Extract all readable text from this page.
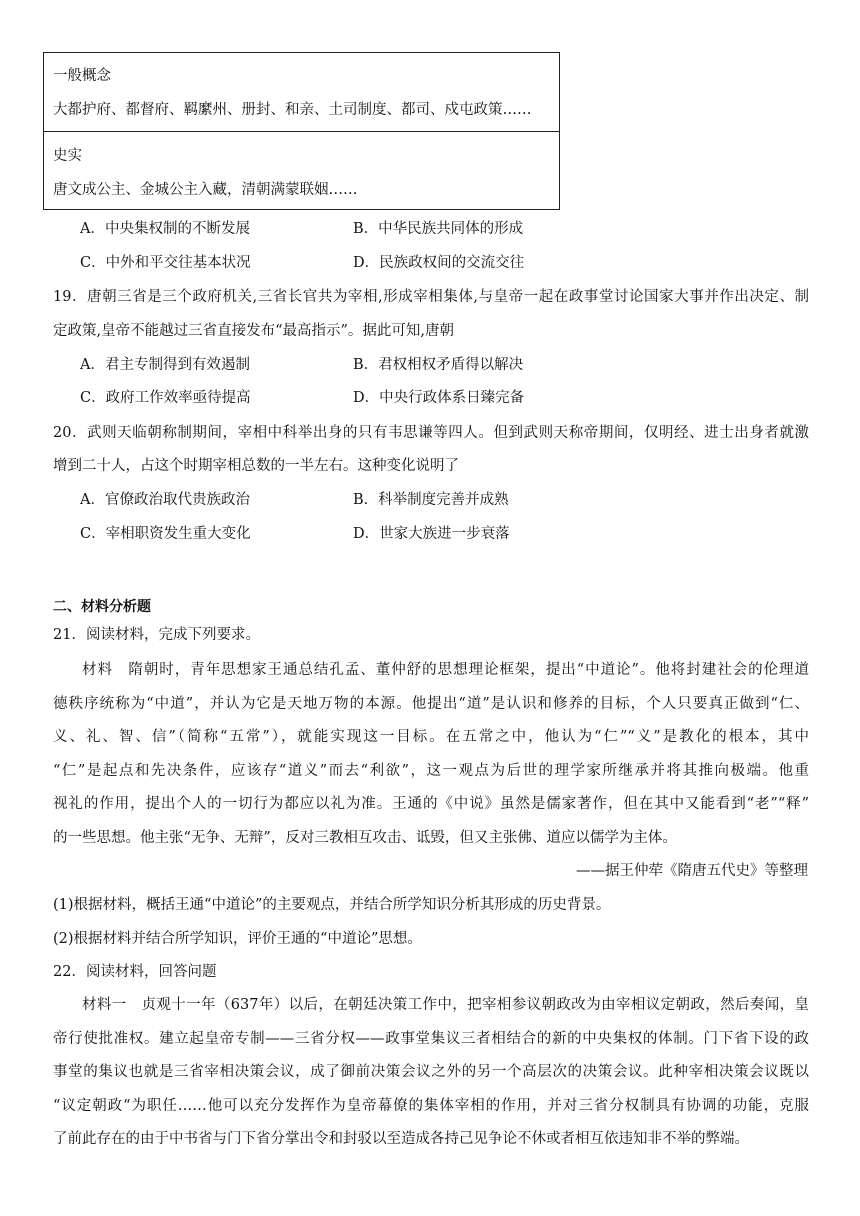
一般概念
大都护府、都督府、羁縻州、册封、和亲、土司制度、都司、戍屯政策……
史实
唐文成公主、金城公主入藏，清朝满蒙联姻……
A．中央集权制的不断发展	B．中华民族共同体的形成
C．中外和平交往基本状况	D．民族政权间的交流交往
19．唐朝三省是三个政府机关,三省长官共为宰相,形成宰相集体,与皇帝一起在政事堂讨论国家大事并作出决定、制
定政策,皇帝不能越过三省直接发布“最高指示”。据此可知,唐朝
A．君主专制得到有效遏制	B．君权相权矛盾得以解决
C．政府工作效率亟待提高	D．中央行政体系日臻完备
20．武则天临朝称制期间，宰相中科举出身的只有韦思谦等四人。但到武则天称帝期间，仅明经、进士出身者就激
增到二十人，占这个时期宰相总数的一半左右。这种变化说明了
A．官僚政治取代贵族政治	B．科举制度完善并成熟
C．宰相职资发生重大变化	D．世家大族进一步衰落
二、材料分析题
21．阅读材料，完成下列要求。
材料　隋朝时，青年思想家王通总结孔孟、董仲舒的思想理论框架，提出“中道论”。他将封建社会的伦理道
德秩序统称为“中道”，并认为它是天地万物的本源。他提出“道”是认识和修养的目标，个人只要真正做到“仁、
义、礼、智、信”（简称“五常”），就能实现这一目标。在五常之中，他认为“仁”“义”是教化的根本，其中
“仁”是起点和先决条件，应该存“道义”而去“利欲”，这一观点为后世的理学家所继承并将其推向极端。他重
视礼的作用，提出个人的一切行为都应以礼为准。王通的《中说》虽然是儒家著作，但在其中又能看到“老”“释”
的一些思想。他主张“无争、无辩”，反对三教相互攻击、诋毁，但又主张佛、道应以儒学为主体。
——据王仲荦《隋唐五代史》等整理
(1)根据材料，概括王通“中道论”的主要观点，并结合所学知识分析其形成的历史背景。
(2)根据材料并结合所学知识，评价王通的“中道论”思想。
22．阅读材料，回答问题
材料一　贞观十一年（637年）以后，在朝廷决策工作中，把宰相参议朝政改为由宰相议定朝政，然后奏闻，皇
帝行使批准权。建立起皇帝专制——三省分权——政事堂集议三者相结合的新的中央集权的体制。门下省下设的政
事堂的集议也就是三省宰相决策会议，成了御前决策会议之外的另一个高层次的决策会议。此种宰相决策会议既以
“议定朝政“为职任……他可以充分发挥作为皇帝幕僚的集体宰相的作用，并对三省分权制具有协调的功能，克服
了前此存在的由于中书省与门下省分掌出令和封驳以至造成各持己见争论不休或者相互依违知非不举的弊端。
